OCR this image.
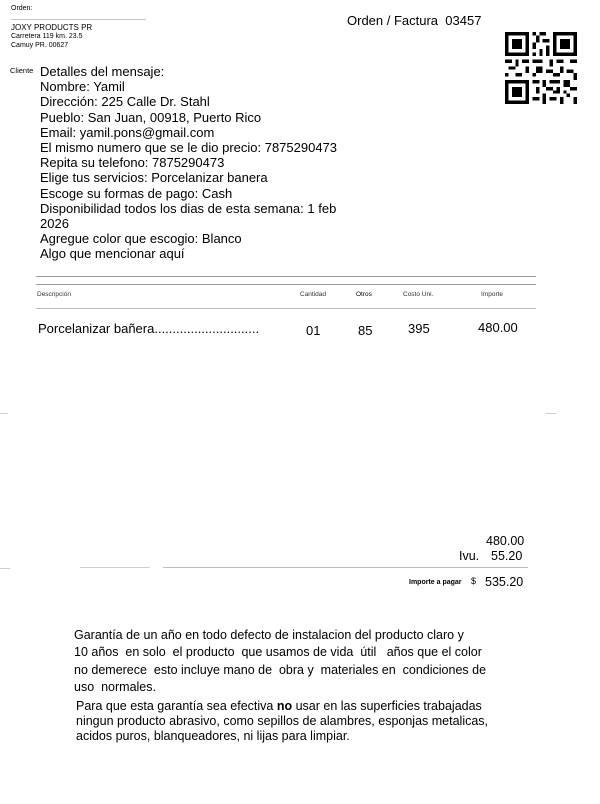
Orden:
JOXY PRODUCTS PR
Carretera 119 km. 23.5
Camuy PR. 00627
Orden / Factura 03457
Cliente Detalles del mensaje:
Nombre: Yamil
Dirección: 225 Calle Dr. Stahl
Pueblo: San Juan, 00918, Puerto Rico
Email: yamil.pons@gmail.com
El mismo numero que se le dio precio: 7875290473
Repita su telefono: 7875290473
Elige tus servicios: Porcelanizar banera
Escoge su formas de pago: Cash
Disponibilidad todos los dias de esta semana: 1 feb
2026
Agregue color que escogio: Blanco
Algo que mencionar aquí
Descripción	Cantidad	Otros	Costo Uni.	Importe
Porcelanizar bañera.............................	01	85	395	480.00
480.00
Ivu. 55.20
Importe a pagar $ 535.20
Garantía de un año en todo defecto de instalacion del producto claro y
10 años  en solo  el producto  que usamos de vida  útil   años que el color
no demerece  esto incluye mano de  obra y  materiales en  condiciones de
uso  normales.
Para que esta garantía sea efectiva no usar en las superficies trabajadas
ningun producto abrasivo, como sepillos de alambres, esponjas metalicas,
acidos puros, blanqueadores, ni lijas para limpiar.
